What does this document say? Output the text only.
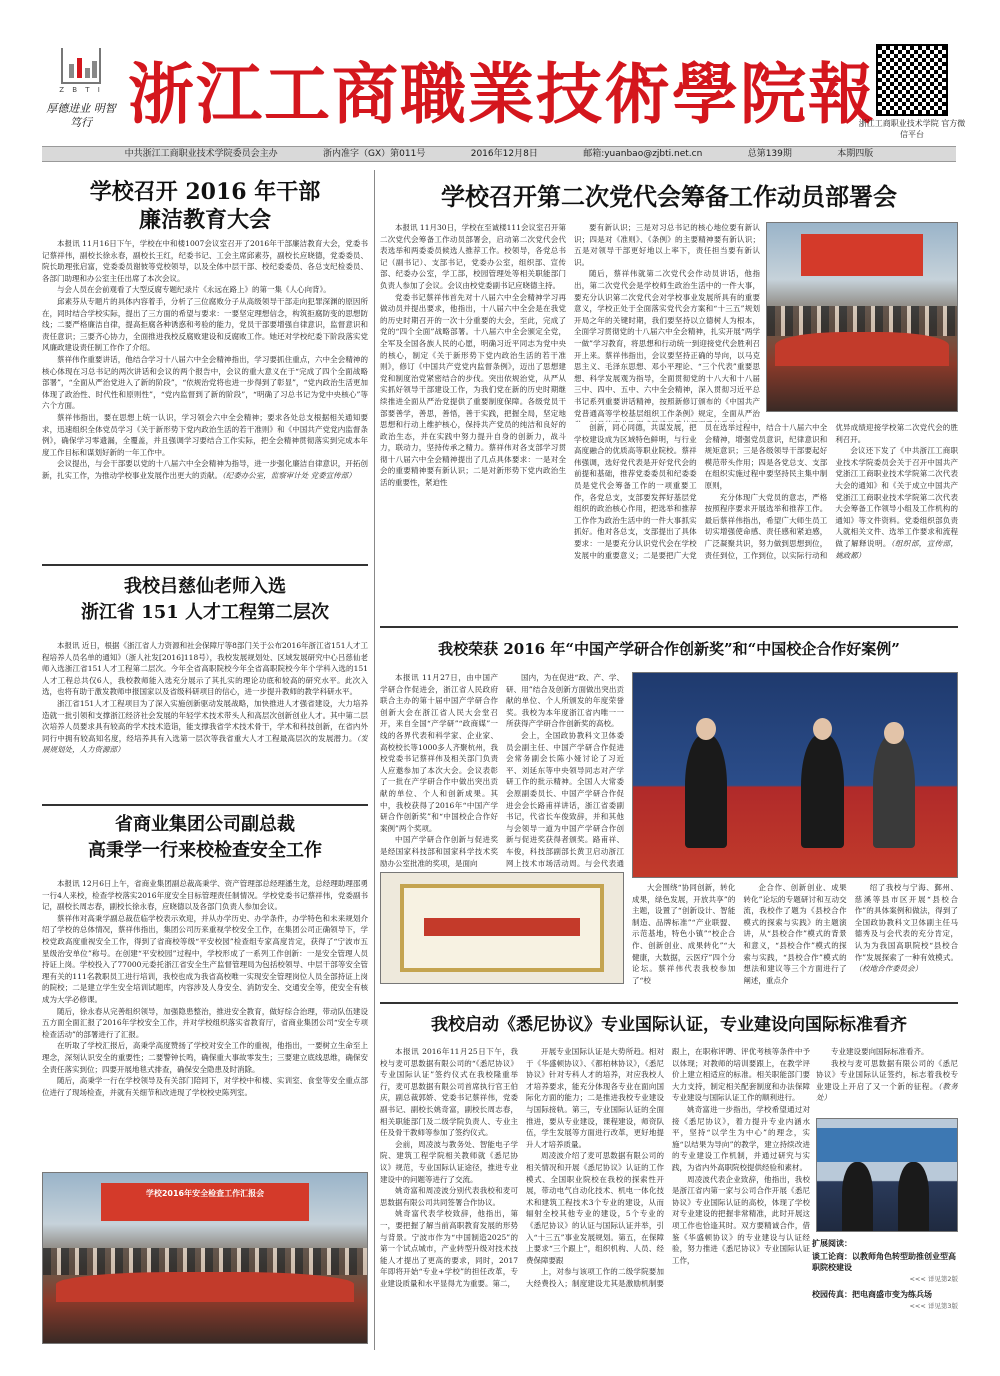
Z B T I
厚德进业 明智笃行 浙江工商職業技術學院報
浙江工商职业技术学院 官方微信平台
中共浙江工商职业技术学院委员会主办	浙内准字（GX）第011号	2016年12月8日	邮箱:yuanbao@zjbti.net.cn	总第139期	本期四版
学校召开 2016 年干部
廉洁教育大会

本报讯 11月16日下午，学校在中和楼1007会议室召开了2016年干部廉洁教育大会，党委书记蔡祥伟，副校长徐永春，副校长王红，纪委书记、工会主席邱素芬，副校长应晓德，党委委员、院长助理张启富，党委委员谢彼等党校领导，以及全体中层干部、校纪委委员、各总支纪检委员、各部门助理和办公室主任出席了本次会议。

与会人员在会前观看了大型反腐专题纪录片《永远在路上》的第一集《人心向背》。

邱素芬从专题片的具体内容着手，分析了三位腐败分子从高级领导干部走向犯罪深渊的原因所在，同时结合学校实际，提出了三方面的希望与要求：一要坚定理想信念，构筑拒腐防变的思想防线；二要严格廉洁自律，提高拒腐各种诱惑和考验的能力，党员干部要增强自律意识，监督意识和责任意识；三要齐心协力，全面推进我校反腐败建设和反腐败工作。她还对学校纪委下阶段落实党风廉政建设责任制工作作了介绍。

蔡祥伟作重要讲话，他结合学习十八届六中全会精神指出，学习要抓住重点，六中全会精神的核心体现在习总书记的两次讲话和会议的两个报告中，会议的重大意义在于“完成了四个全面战略部署”，“全面从严治党进入了新的阶段”，“依规治党将也进一步得到了彰显”，“党内政治生活更加体现了政治性、时代性和原则性”，“党内监督到了新的阶段”，“明确了习总书记为党中央核心”等六个方面。

蔡祥伟指出，要在思想上统一认识，学习领会六中全会精神；要求各处总支根据相关通知要求，迅速组织全体党员学习《关于新形势下党内政治生活的若干准则》和《中国共产党党内监督条例》，确保学习零遗漏，全覆盖，并且强调学习要结合工作实际，把全会精神贯彻落实到完成本年度工作目标和谋划好新的一年工作中。

会议提出，与会干部要以党的十八届六中全会精神为指导，进一步强化廉洁自律意识，开拓创新，扎实工作，为推动学校事业发展作出更大的贡献。（纪委办公室，监察审计处 党委宣传部）

我校吕慈仙老师入选
浙江省 151 人才工程第二层次

本报讯 近日，根据《浙江省人力资源和社会保障厅等8部门关于公布2016年浙江省151人才工程培养人员名单的通知》（浙人社发[2016]118号），我校发展规划处、区域发展研究中心吕慈仙老师入选浙江省151人才工程第二层次。今年全省高职院校今年全省高职院校今年个学科入选的151人才工程总共仅6人，我校教师能入选充分展示了其扎实的理论功底和较高的研究水平。此次入选，也将有助于激发教师申报国家以及省级科研项目的信心，进一步提升教师的教学科研水平。

浙江省151人才工程项目为了深入实施创新驱动发展战略，加快推进人才强省建设，大力培养造就一批引领和支撑浙江经济社会发展的年轻学术技术带头人和高层次创新创业人才。其中第二层次培养人员要求具有较高的学术技术造诣，能支撑我省学术技术骨干，学术和科技创新，在省内外同行中拥有较高知名度，经培养具有入选第一层次等我省重大人才工程最高层次的发展潜力。（发展规划处，人力资源部）

省商业集团公司副总裁
高秉学一行来校检查安全工作

本报讯 12月6日上午，省商业集团副总裁高秉学、资产管理部总经理潘生龙，总经理助理邵勇一行4人来校，检查学校落实2016年度安全目标管理责任制情况。学校党委书记蔡祥伟，党委副书记，副校长周志春，副校长徐永春，应晓德以及各部门负责人参加会议。

蔡祥伟对高秉学副总裁莅临学校表示欢迎，并从办学历史、办学条件，办学特色和未来规划介绍了学校的总体情况，蔡祥伟指出，集团公司历来重视学校安全工作，在集团公司正确领导下，学校党政高度重视安全工作，得到了省商校等级“平安校园”检查组专家高度肯定，获得了“宁波市五星级治安单位”称号。在创建“平安校园”过程中，学校形成了一系列工作创新：一是安全管理人员持证上岗。学校投入了77000元委托浙江省安全生产监督管理局为包括校领导、中层干部等安全管理有关的111名教职员工进行培训，我校也成为我省高校唯一实现安全管理岗位人员全部持证上岗的院校；二是建立学生安全培训试题库，内容涉及人身安全、消防安全、交通安全等，使安全有核成为大学必修课。

随后，徐永春从完善组织领导，加强隐患整治，推进安全教育，做好综合治理，带动队伍建设五方面全面汇报了2016年学校安全工作，并对学校组织落实省教育厅，省商业集团公司“安全专项检查活动”的部署进行了汇报。

在听取了学校汇报后，高秉学高度赞扬了学校对安全工作的重视，他指出，一要树立生命至上理念，深刻认识安全的重要性；二要警钟长鸣，确保重大事故零发生；三要建立底线思维，确保安全责任落实到位；四要开展地毯式排查，确保安全隐患及时消除。

随后，高秉学一行在学校领导及有关部门陪同下，对学校中和楼、实训室、食堂等安全重点部位进行了现场检查，并就有关细节和改进现了学校校史陈列室。

学校2016年安全检查工作汇报会
学校召开第二次党代会筹备工作动员部署会

本报讯 11月30日，学校在至诚楼111会议室召开第二次党代会筹备工作动员部署会，启动第二次党代会代表选举和两委委员候选人推荐工作。校领导，各党总书记（副书记）、支部书记，党委办公室，组织部、宣传部、纪委办公室，学工部，校园管理处等相关职能部门负责人参加了会议。会议由校党委副书记应晓德主持。

党委书记蔡祥伟首先对十八届六中全会精神学习再做动员并提出要求，他指出，十八届六中全会是在我党的历史时期召开的一次十分重要的大会，至此，完成了党的“四个全面”战略部署。十八届六中全会颁定全党，全军及全国各族人民的心愿，明确习近平同志为党中央的核心，制定《关于新形势下党内政治生活的若干准则》，修订《中国共产党党内监督条例》，迈出了思想建党和制度治党紧密结合的步伐。突出依规治党，从严从实抓好领导干部建设工作，为我们党在新的历史时期继续推进全面从严治党提供了重要制度保障。各级党员干部要善学，善思，善悟，善于实践，把握全局，坚定地思想和行动上维护核心，保持共产党员的纯洁和良好的政治生态，并在实践中努力提升自身的创新力，战斗力，联动力，坚持传承之精力。蔡祥伟对各支部学习贯彻十八届六中全会精神提出了几点具体要求：一是对全会的重要精神要有新认识；二是对新形势下党内政治生活的重要性，紧迫性

要有新认识；三是对习总书记的核心地位要有新认识；四是对《准则》、《条例》的主要精神要有新认识；五是对领导干部更好地以上率下，责任担当要有新认识。

随后，蔡祥伟就第二次党代会作动员讲话，他指出，第二次党代会是学校师生政治生活中的一件大事，要充分认识第二次党代会对学校事业发展所具有的重要意义，学校正处于全面落实党代会方案和“十三五”规划开局之年的关键时期，我们要坚持以立德树人为根本，全面学习贯彻党的十八届六中全会精神，扎实开展“两学一做”学习教育，将思想和行动统一到迎接党代会胜利召开上来。蔡祥伟指出，会议要坚持正确的导向，以马克思主义、毛泽东思想、邓小平理论、“三个代表”重要思想、科学发展观为指导，全面贯彻党的十八大和十八届三中、四中、五中、六中全会精神，深入贯彻习近平总书记系列重要讲话精神，按照新修订颁布的《中国共产党普通高等学校基层组织工作条例》规定，全面从严治

创新，同心同德，共谋发展，把学校建设成为区域特色鲜明，与行业高度融合的优质高等职业院校。蔡祥伟强调，选好党代表是开好党代会的前提和基础，推荐党委委员和纪委委员是党代会筹备工作的一项重要工作，各党总支，支部要发挥好基层党组织的政治核心作用，把选举和推荐工作作为政治生活中的一件大事抓实抓好。他对各总支，支部提出了具体要求：一是要充分认识党代会在学校发展中的重要意义；二是要把广大党员在选举过程中，结合十八届六中全会精神，增强党员意识，纪律意识和规矩意识；三是各级领导干部要起好模范带头作用；四是各党总支、支部在组织实施过程中要坚持民主集中制原则，

充分体现广大党员的意志，严格按照程序要求开展选举和推荐工作。最后蔡祥伟指出，希望广大师生员工切实增强使命感、责任感和紧迫感，广泛凝聚共识，努力做到思想到位，责任到位，工作到位，以实际行动和优异成绩迎接学校第二次党代会的胜利召开。

会议还下发了《中共浙江工商职业技术学院委员会关于召开中国共产党浙江工商职业技术学院第二次代表大会的通知》和《关于成立中国共产党浙江工商职业技术学院第二次代表大会筹备工作领导小组及工作机构的通知》等文件资料。党委组织部负责人就相关文件、选举工作要求和流程做了解释说明。（组织部，宣传部，姚政都）

我校荣获 2016 年“中国产学研合作创新奖”和“中国校企合作好案例”

本报讯 11月27日，由中国产学研合作促进会，浙江省人民政府联合主办的第十届中国产学研合作创新大会在浙江省人民大会堂召开，来自全国“产学研”“政商媒”一线的各界代表和科学家、企业家、高校校长等1000多人齐聚杭州，我校党委书记蔡祥伟及相关部门负责人应邀参加了本次大会。会议表彰了一批在产学研合作中做出突出贡献的单位、个人和创新成果。其中，我校获得了2016年“中国产学研合作创新奖”和“中国校企合作好案例”两个奖项。

中国产学研合作创新与促进奖是经国家科技部和国家科学技术奖励办公室批准的奖项，是面向

国内，为在促进“政、产、学、研、用”结合及创新方面做出突出贡献的单位、个人所颁发的年度荣誉奖。我校为本年度浙江省内唯一一所获得产学研合作创新奖的高校。

会上，全国政协教科文卫体委员会副主任、中国产学研合作促进会常务副会长陈小娅讨论了习近平、刘延东等中央领导同志对产学研工作的批示精神。全国人大常委会原副委员长、中国产学研合作促进会会长路甫祥讲话，浙江省委副书记，代省长车俊致辞，并和其他与会领导一道为中国产学研合作创新与促进奖获得者颁奖。路甫祥、车俊，科技部副部长黄卫启动浙江网上技术市场活动周。与会代表通

大会围绕“协同创新，转化成果，绿色发展，开放共享”的主题，设置了“创新设计、智能制造、品牌标准”“产业联盟、示范基地，特色小镇”“校企合作、创新创业、成果转化”“大健康，大数据，云医疗”四个分论坛。蔡祥伟代表我校参加了“校

企合作、创新创业、成果转化”论坛的专题研讨和互动交流，我校作了题为《县校合作模式的探索与实践》的主题演讲，从“县校合作”模式的背景和意义，“县校合作”模式的探索与实践，“县校合作”模式的想法和建议等三个方面进行了阐述，重点介

绍了我校与宁海、鄞州、慈溪等县市区开展“县校合作”的具体案例和做法，得到了全国政协教科文卫体副主任马德秀及与会代表的充分肯定，认为为我国高职院校“县校合作”发展探索了一种有效模式。（校地合作委员会）

我校启动《悉尼协议》专业国际认证，专业建设向国际标准看齐

本报讯 2016年11月25日下午，我校与麦可思数据有限公司的“《悉尼协议》专业国际认证”签约仪式在我校隆重举行，麦可思数据有限公司首席执行官王伯庆，副总裁郭娇、党委书记蔡祥伟，党委副书记、副校长姚奇富，副校长周志春，相关职能部门及二级学院负责人、专业主任及骨干教师等参加了签约仪式。

会前，周凌波与教务处、智能电子学院、建筑工程学院相关教师就《悉尼协议》规范，专业国际认证途径，推进专业建设中的问题等进行了交流。

姚奇富和周凌波分别代表我校和麦可思数据有限公司共同签署合作协议。

姚奇富代表学校致辞，他指出，第一，要把握了解当前高职教育发展的形势与背景。宁波市作为“中国制造2025”的第一个试点城市，产业转型升级对技术技能人才提出了更高的要求，同时，2017年即将开始“专业+学校”的担任改革，专业建设质量和水平显得尤为重要。第二，

开展专业国际认证是大势所趋。相对于《华盛顿协议》、《都柏林协议》，《悉尼协议》针对专科人才的培养，对应我校人才培养要求，能充分体现各专业在面向国际化方面的能力；二是推进我校专业建设与国际接轨。第三，专业国际认证的全面推进，要从专业建设，课程建设，师资队伍，学生发展等方面进行改革，更好地提升人才培养质量。

周凌波介绍了麦可思数据有限公司的相关情况和开展《悉尼协议》认证的工作模式、全国职业院校在我校的探索性开展，带动电气自动化技术、机电一体化技术和建筑工程技术3个专业的建设，从而辐射全校其他专业的建设，5个专业的《悉尼协议》的认证与国际认证并举，引入“十三五”事业发展规划。第五，在保障上要求“三个跟上”，组织机构、人员、经费保障要跟

上，对参与该项工作的二级学院要加大经费投入；制度建设尤其是激励机制要跟上，在职称评聘、评优考核等条件中予以体现；对教师的培训要跟上，在教学评价上建立相适应的标准。相关职能部门要大力支持，制定相关配套制度和办法保障专业建设与国际认证工作的顺利进行。

姚奇富进一步指出，学校希望通过对接《悉尼协议》，着力提升专业内涵水平，坚持“以学生为中心”的理念，实施“以结果为导向”的教学，建立持续改进的专业建设工作机制，并通过研究与实践，为省内外高职院校提供经验和素材。

周凌波代表企业致辞，他指出，我校是浙江省内第一家与公司合作开展《悉尼协议》专业国际认证的高校，体现了学校对专业建设的把握非常精准，此时开展这项工作也恰逢其时。双方要精诚合作，借鉴《华盛顿协议》的专业建设与认证经验，努力推进《悉尼协议》专业国际认证工作，

专业建设要向国际标准看齐。

我校与麦可思数据有限公司的《悉尼协议》专业国际认证签约，标志着我校专业建设上开启了又一个新的征程。（教务处）

扩展阅读：
谈工论商：以教师角色转型助推创业型高职院校建设
<<< 详见第2版
校园传真：把电商盛市变为练兵场
<<< 详见第3版
